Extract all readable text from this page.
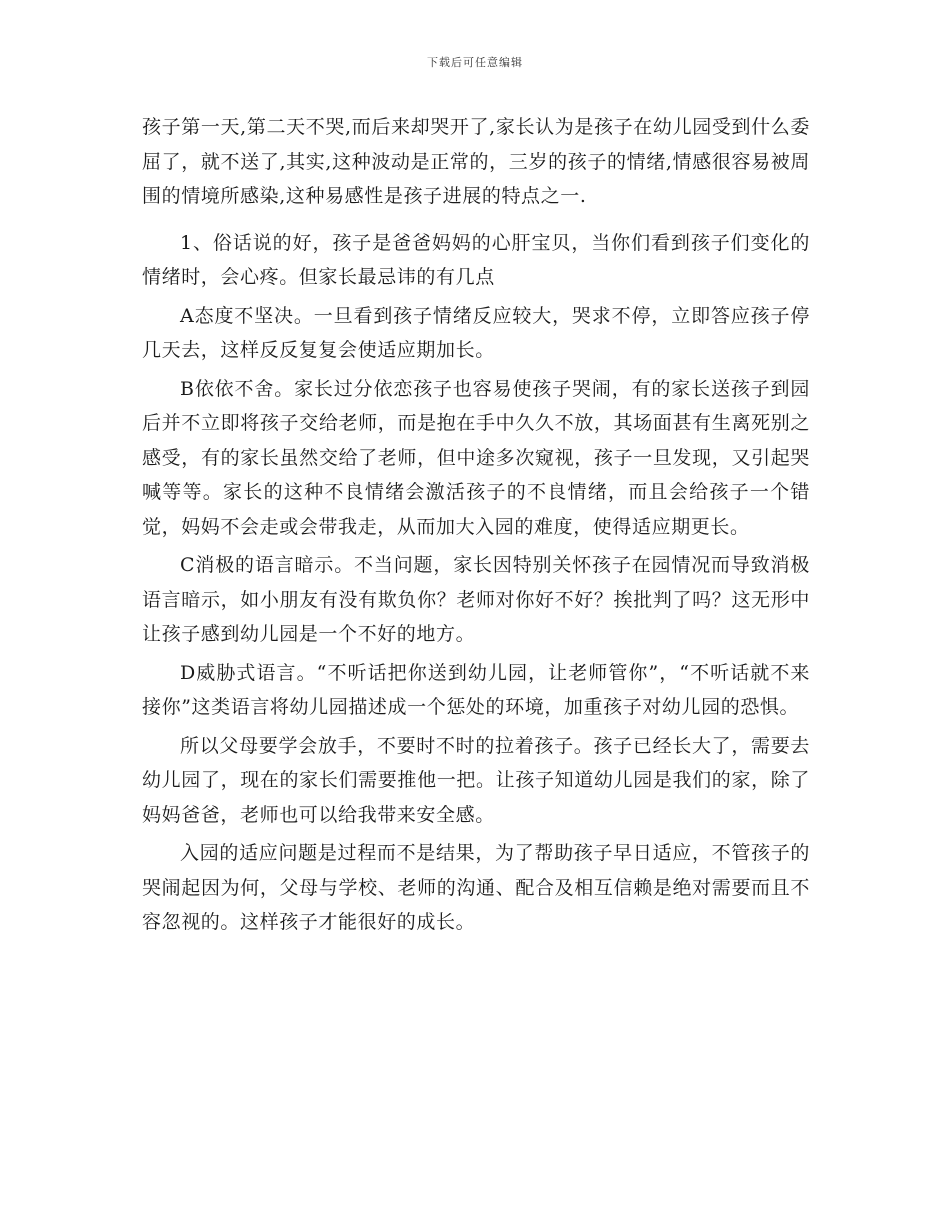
下载后可任意编辑

孩子第一天,第二天不哭,而后来却哭开了,家长认为是孩子在幼儿园受到什么委屈了，就不送了,其实,这种波动是正常的，三岁的孩子的情绪,情感很容易被周围的情境所感染,这种易感性是孩子进展的特点之一.

1、俗话说的好，孩子是爸爸妈妈的心肝宝贝，当你们看到孩子们变化的情绪时，会心疼。但家长最忌讳的有几点

A态度不坚决。一旦看到孩子情绪反应较大，哭求不停，立即答应孩子停几天去，这样反反复复会使适应期加长。

B依依不舍。家长过分依恋孩子也容易使孩子哭闹，有的家长送孩子到园后并不立即将孩子交给老师，而是抱在手中久久不放，其场面甚有生离死别之感受，有的家长虽然交给了老师，但中途多次窥视，孩子一旦发现，又引起哭喊等等。家长的这种不良情绪会激活孩子的不良情绪，而且会给孩子一个错觉，妈妈不会走或会带我走，从而加大入园的难度，使得适应期更长。

C消极的语言暗示。不当问题，家长因特别关怀孩子在园情况而导致消极语言暗示，如小朋友有没有欺负你？老师对你好不好？挨批判了吗？这无形中让孩子感到幼儿园是一个不好的地方。

D威胁式语言。“不听话把你送到幼儿园，让老师管你”，“不听话就不来接你”这类语言将幼儿园描述成一个惩处的环境，加重孩子对幼儿园的恐惧。

所以父母要学会放手，不要时不时的拉着孩子。孩子已经长大了，需要去幼儿园了，现在的家长们需要推他一把。让孩子知道幼儿园是我们的家，除了妈妈爸爸，老师也可以给我带来安全感。

入园的适应问题是过程而不是结果，为了帮助孩子早日适应，不管孩子的哭闹起因为何，父母与学校、老师的沟通、配合及相互信赖是绝对需要而且不容忽视的。这样孩子才能很好的成长。
